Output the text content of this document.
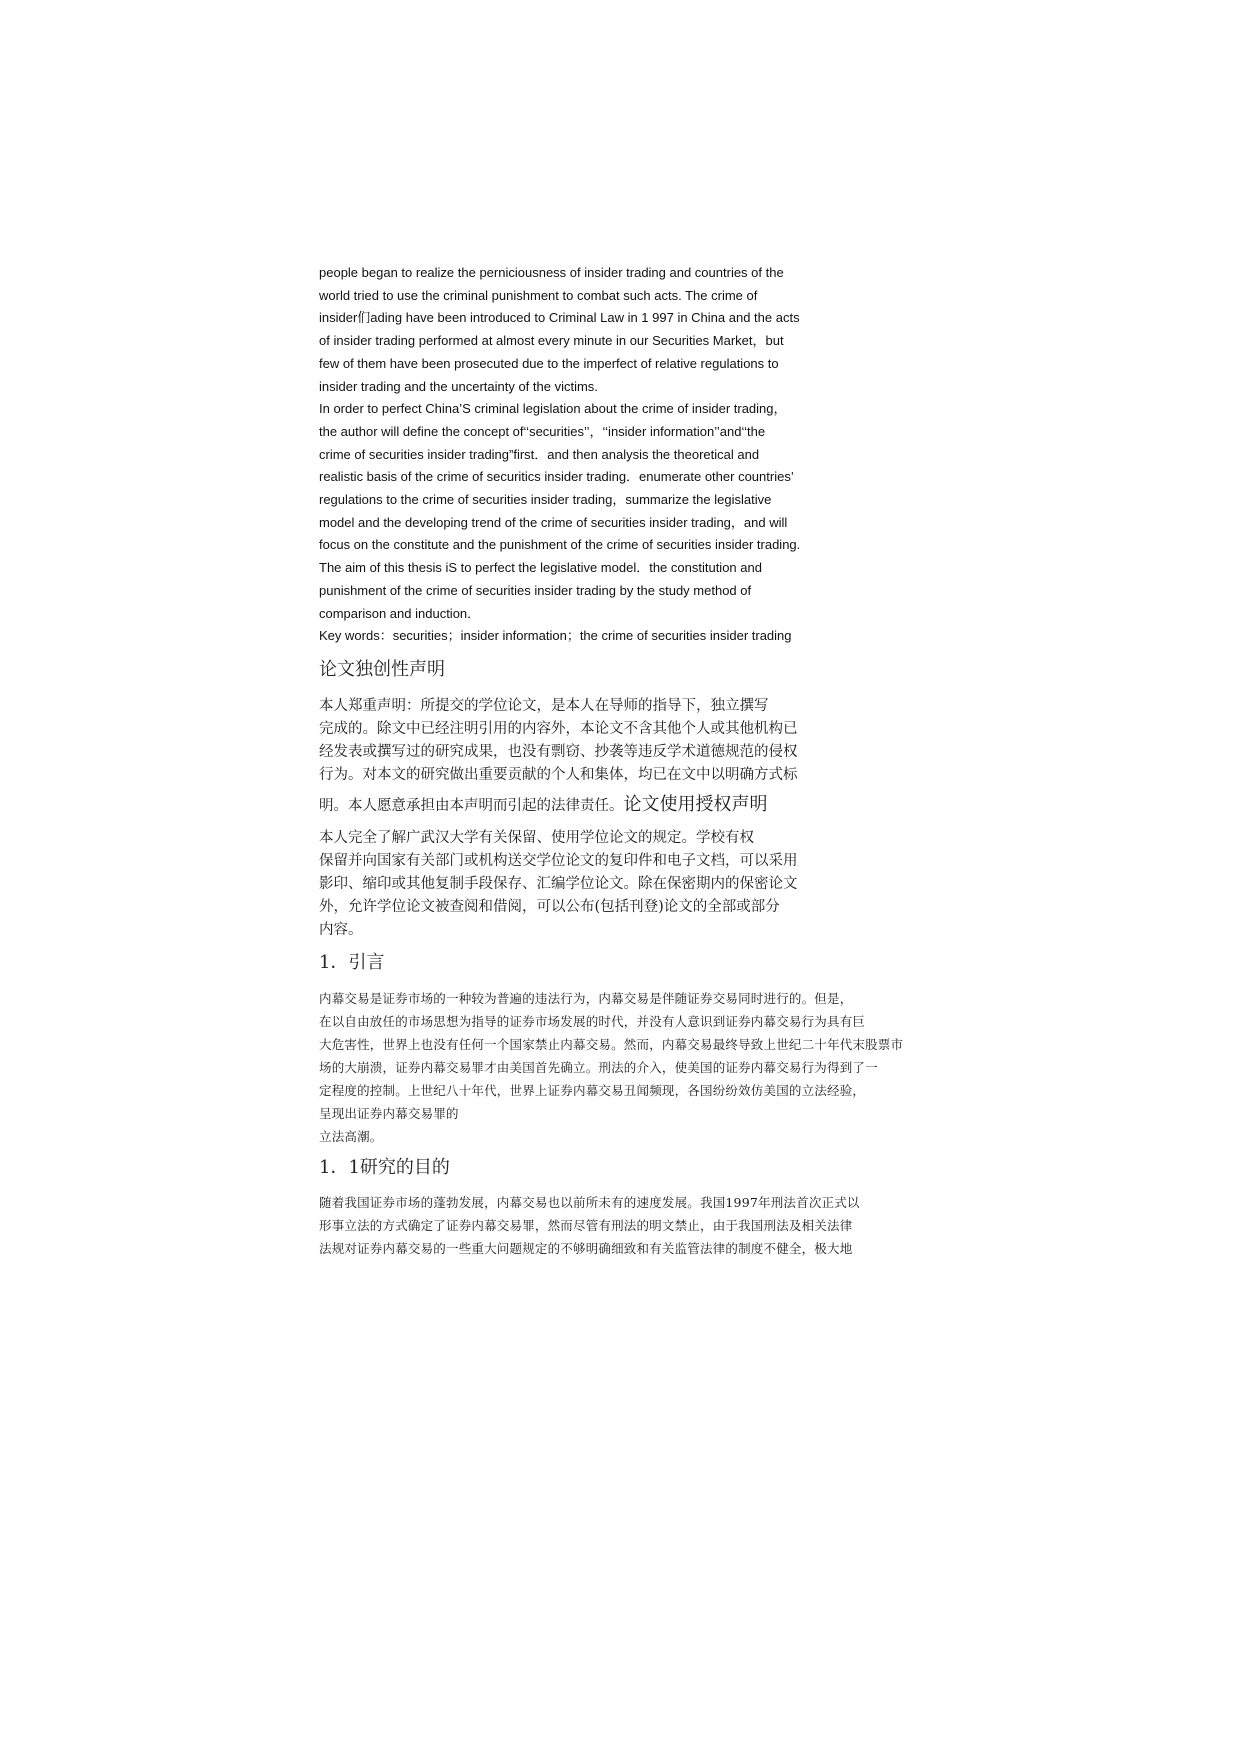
people began to realize the perniciousness of insider trading and countries of the
world tried to use the criminal punishment to combat such acts. The crime of
insider们ading have been introduced to Criminal Law in 1 997 in China and the acts
of insider trading performed at almost every minute in our Securities Market，but
few of them have been prosecuted due to the imperfect of relative regulations to
insider trading and the uncertainty of the victims.
In order to perfect China’S criminal legislation about the crime of insider trading，
the author will define the concept of‘‘securities’’，‘‘insider information’’and‘‘the
crime of securities insider trading”first．and then analysis the theoretical and
realistic basis of the crime of securitics insider trading．enumerate other countries’
regulations to the crime of securities insider trading，summarize the legislative
model and the developing trend of the crime of securities insider trading，and will
focus on the constitute and the punishment of the crime of securities insider trading.
The aim of this thesis iS to perfect the legislative model．the constitution and
punishment of the crime of securities insider trading by the study method of
comparison and induction．
Key words：securities；insider information；the crime of securities insider trading
论文独创性声明
本人郑重声明：所提交的学位论文，是本人在导师的指导下，独立撰写
完成的。除文中已经注明引用的内容外，本论文不含其他个人或其他机构已
经发表或撰写过的研究成果，也没有剽窃、抄袭等违反学术道德规范的侵权
行为。对本文的研究做出重要贡献的个人和集体，均已在文中以明确方式标
明。本人愿意承担由本声明而引起的法律责任。论文使用授权声明
本人完全了解广武汉大学有关保留、使用学位论文的规定。学校有权
保留并向国家有关部门或机构送交学位论文的复印件和电子文档，可以采用
影印、缩印或其他复制手段保存、汇编学位论文。除在保密期内的保密论文
外，允许学位论文被查阅和借阅，可以公布(包括刊登)论文的全部或部分
内容。
1．引言
内幕交易是证券市场的一种较为普遍的违法行为，内幕交易是伴随证券交易同时进行的。但是，
在以自由放任的市场思想为指导的证券市场发展的时代，并没有人意识到证券内幕交易行为具有巨
大危害性，世界上也没有任何一个国家禁止内幕交易。然而，内幕交易最终导致上世纪二十年代末股票市
场的大崩溃，证券内幕交易罪才由美国首先确立。刑法的介入，使美国的证券内幕交易行为得到了一
定程度的控制。上世纪八十年代，世界上证券内幕交易丑闻频现，各国纷纷效仿美国的立法经验，
呈现出证券内幕交易罪的
立法高潮。
1．1研究的目的
随着我国证券市场的蓬勃发展，内幕交易也以前所未有的速度发展。我国1997年刑法首次正式以
形事立法的方式确定了证券内幕交易罪，然而尽管有刑法的明文禁止，由于我国刑法及相关法律
法规对证券内幕交易的一些重大问题规定的不够明确细致和有关监管法律的制度不健全，极大地
